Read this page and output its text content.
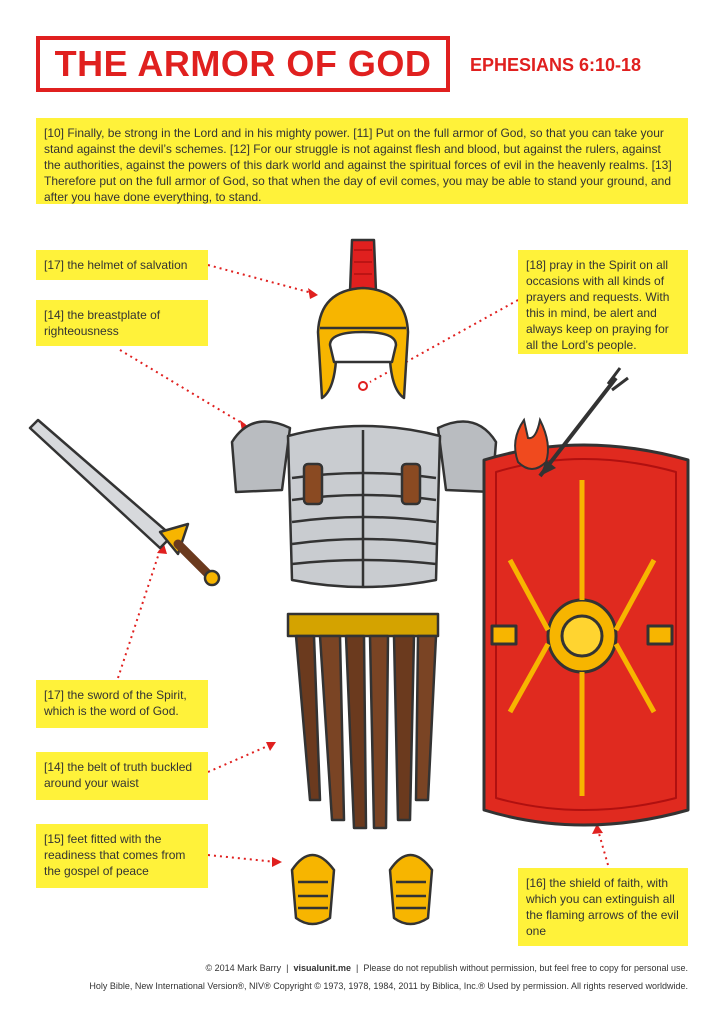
THE ARMOR OF GOD EPHESIANS 6:10-18
[10] Finally, be strong in the Lord and in his mighty power. [11] Put on the full armor of God, so that you can take your stand against the devil’s schemes. [12] For our struggle is not against flesh and blood, but against the rulers, against the authorities, against the powers of this dark world and against the spiritual forces of evil in the heavenly realms. [13] Therefore put on the full armor of God, so that when the day of evil comes, you may be able to stand your ground, and after you have done everything, to stand.
[17] the helmet of salvation
[14] the breastplate of righteousness
[18] pray in the Spirit on all occasions with all kinds of prayers and requests. With this in mind, be alert and always keep on praying for all the Lord’s people.
[17] the sword of the Spirit, which is the word of God.
[14] the belt of truth buckled around your waist
[15] feet fitted with the readiness that comes from the gospel of peace
[16] the shield of faith, with which you can extinguish all the flaming arrows of the evil one
© 2014 Mark Barry  |  visualunit.me  |  Please do not republish without permission, but feel free to copy for personal use.
Holy Bible, New International Version®, NIV® Copyright © 1973, 1978, 1984, 2011 by Biblica, Inc.® Used by permission. All rights reserved worldwide.
